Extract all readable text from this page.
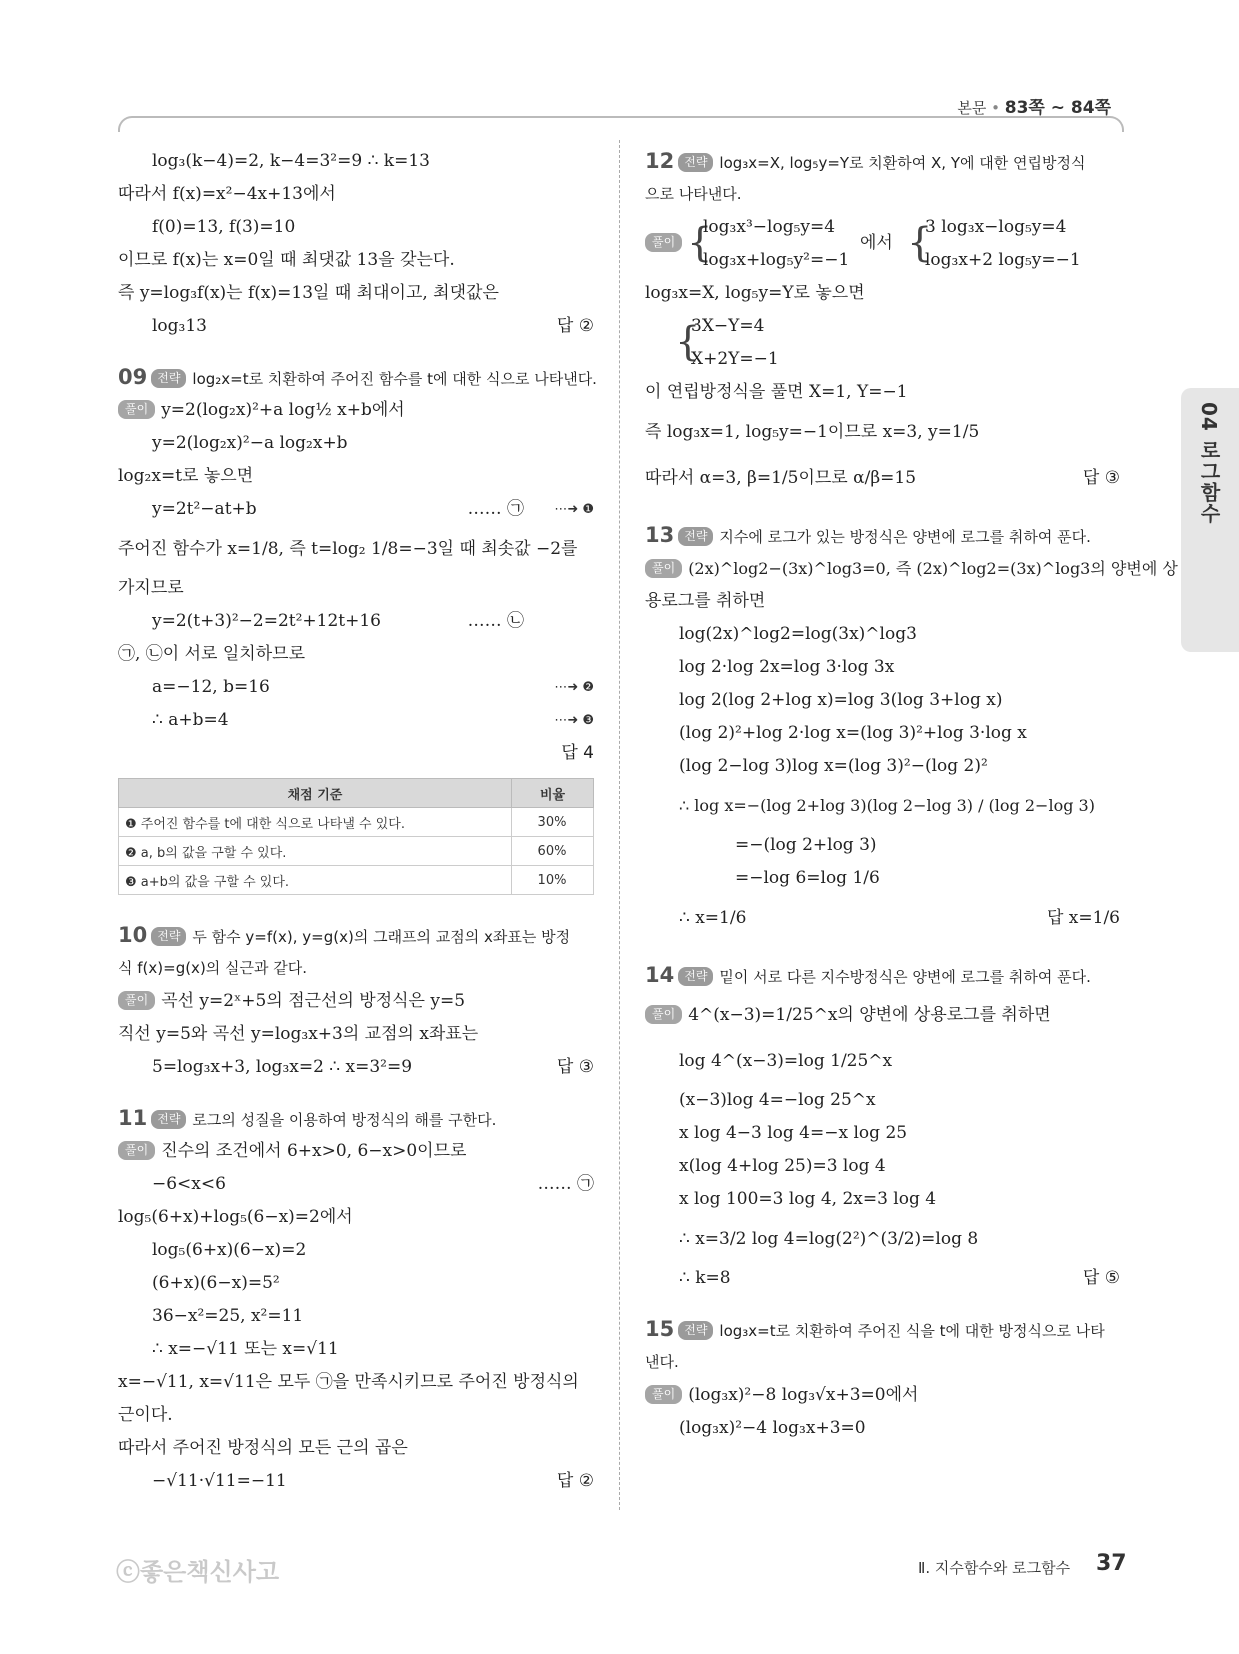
본문 • 83쪽 ~ 84쪽
04 로그함수
log₃(k−4)=2, k−4=3²=9 ∴ k=13
따라서 f(x)=x²−4x+13에서
f(0)=13, f(3)=10
이므로 f(x)는 x=0일 때 최댓값 13을 갖는다.
즉 y=log₃f(x)는 f(x)=13일 때 최대이고, 최댓값은
log₃13	답 ②
09 전략 log₂x=t로 치환하여 주어진 함수를 t에 대한 식으로 나타낸다.
풀이 y=2(log₂x)²+a log½ x+b에서
y=2(log₂x)²−a log₂x+b
log₂x=t로 놓으면
y=2t²−at+b	…… ㉠ ⋯➜ ❶
주어진 함수가 x=1/8, 즉 t=log₂ 1/8=−3일 때 최솟값 −2를
가지므로
y=2(t+3)²−2=2t²+12t+16	…… ㉡
㉠, ㉡이 서로 일치하므로
a=−12, b=16	⋯➜ ❷
∴ a+b=4	⋯➜ ❸
답 4
채점 기준	비율
❶ 주어진 함수를 t에 대한 식으로 나타낼 수 있다.	30%
❷ a, b의 값을 구할 수 있다.	60%
❸ a+b의 값을 구할 수 있다.	10%
10 전략 두 함수 y=f(x), y=g(x)의 그래프의 교점의 x좌표는 방정
식 f(x)=g(x)의 실근과 같다.
풀이 곡선 y=2ˣ+5의 점근선의 방정식은 y=5
직선 y=5와 곡선 y=log₃x+3의 교점의 x좌표는
5=log₃x+3, log₃x=2 ∴ x=3²=9	답 ③
11 전략 로그의 성질을 이용하여 방정식의 해를 구한다.
풀이 진수의 조건에서 6+x>0, 6−x>0이므로
−6<x<6	…… ㉠
log₅(6+x)+log₅(6−x)=2에서
log₅(6+x)(6−x)=2
(6+x)(6−x)=5²
36−x²=25, x²=11
∴ x=−√11 또는 x=√11
x=−√11, x=√11은 모두 ㉠을 만족시키므로 주어진 방정식의
근이다.
따라서 주어진 방정식의 모든 근의 곱은
−√11·√11=−11	답 ②
12 전략 log₃x=X, log₅y=Y로 치환하여 X, Y에 대한 연립방정식
으로 나타낸다.
풀이 {
log₃x³−log₅y=4
log₃x+log₅y²=−1
에서 {
3 log₃x−log₅y=4
log₃x+2 log₅y=−1
log₃x=X, log₅y=Y로 놓으면
{
3X−Y=4
X+2Y=−1
이 연립방정식을 풀면 X=1, Y=−1
즉 log₃x=1, log₅y=−1이므로 x=3, y=1/5
따라서 α=3, β=1/5이므로 α/β=15	답 ③
13 전략 지수에 로그가 있는 방정식은 양변에 로그를 취하여 푼다.
풀이 (2x)^log2−(3x)^log3=0, 즉 (2x)^log2=(3x)^log3의 양변에 상
용로그를 취하면
log(2x)^log2=log(3x)^log3
log 2·log 2x=log 3·log 3x
log 2(log 2+log x)=log 3(log 3+log x)
(log 2)²+log 2·log x=(log 3)²+log 3·log x
(log 2−log 3)log x=(log 3)²−(log 2)²
∴ log x=−(log 2+log 3)(log 2−log 3) / (log 2−log 3)
=−(log 2+log 3)
=−log 6=log 1/6
∴ x=1/6	답 x=1/6
14 전략 밑이 서로 다른 지수방정식은 양변에 로그를 취하여 푼다.
풀이 4^(x−3)=1/25^x의 양변에 상용로그를 취하면
log 4^(x−3)=log 1/25^x
(x−3)log 4=−log 25^x
x log 4−3 log 4=−x log 25
x(log 4+log 25)=3 log 4
x log 100=3 log 4, 2x=3 log 4
∴ x=3/2 log 4=log(2²)^(3/2)=log 8
∴ k=8	답 ⑤
15 전략 log₃x=t로 치환하여 주어진 식을 t에 대한 방정식으로 나타
낸다.
풀이 (log₃x)²−8 log₃√x+3=0에서
(log₃x)²−4 log₃x+3=0
ⓒ좋은책신사고	Ⅱ. 지수함수와 로그함수 37
